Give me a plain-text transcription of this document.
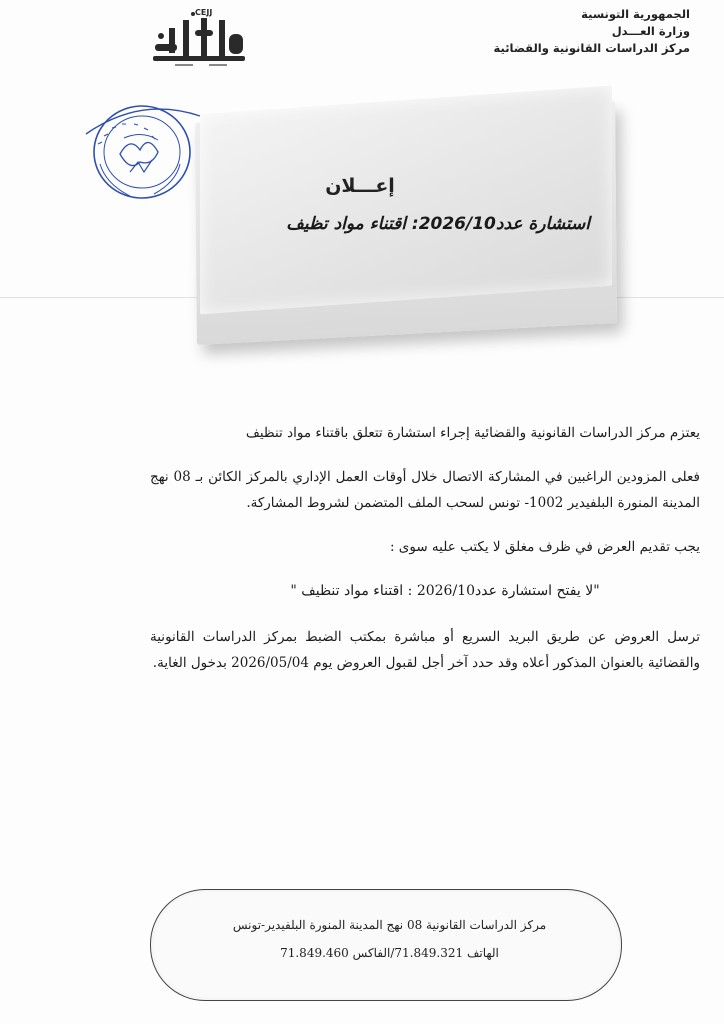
الجمهورية التونسية
وزارة العـــدل
مركز الدراسات القانونية والقضائية
CEJJ
إعـــلان
استشارة عدد2026/10: اقتناء مواد تظيف

يعتزم مركز الدراسات القانونية والقضائية إجراء استشارة تتعلق باقتناء مواد تنظيف

فعلى المزودين الراغبين في المشاركة الاتصال خلال أوقات العمل الإداري بالمركز الكائن بـ 08 نهج المدينة المنورة البلفيدير 1002- تونس لسحب الملف المتضمن لشروط المشاركة.

يجب تقديم العرض في ظرف مغلق لا يكتب عليه سوى :

"لا يفتح استشارة عدد2026/10 : اقتناء مواد تنظيف "

ترسل العروض عن طريق البريد السريع أو مباشرة بمكتب الضبط بمركز الدراسات القانونية والقضائية بالعنوان المذكور أعلاه وقد حدد آخر أجل لقبول العروض يوم 2026/05/04 بدخول الغاية.

مركز الدراسات القانونية 08 نهج المدينة المنورة البلفيدير-تونس
الهاتف 71.849.321/الفاكس 71.849.460
